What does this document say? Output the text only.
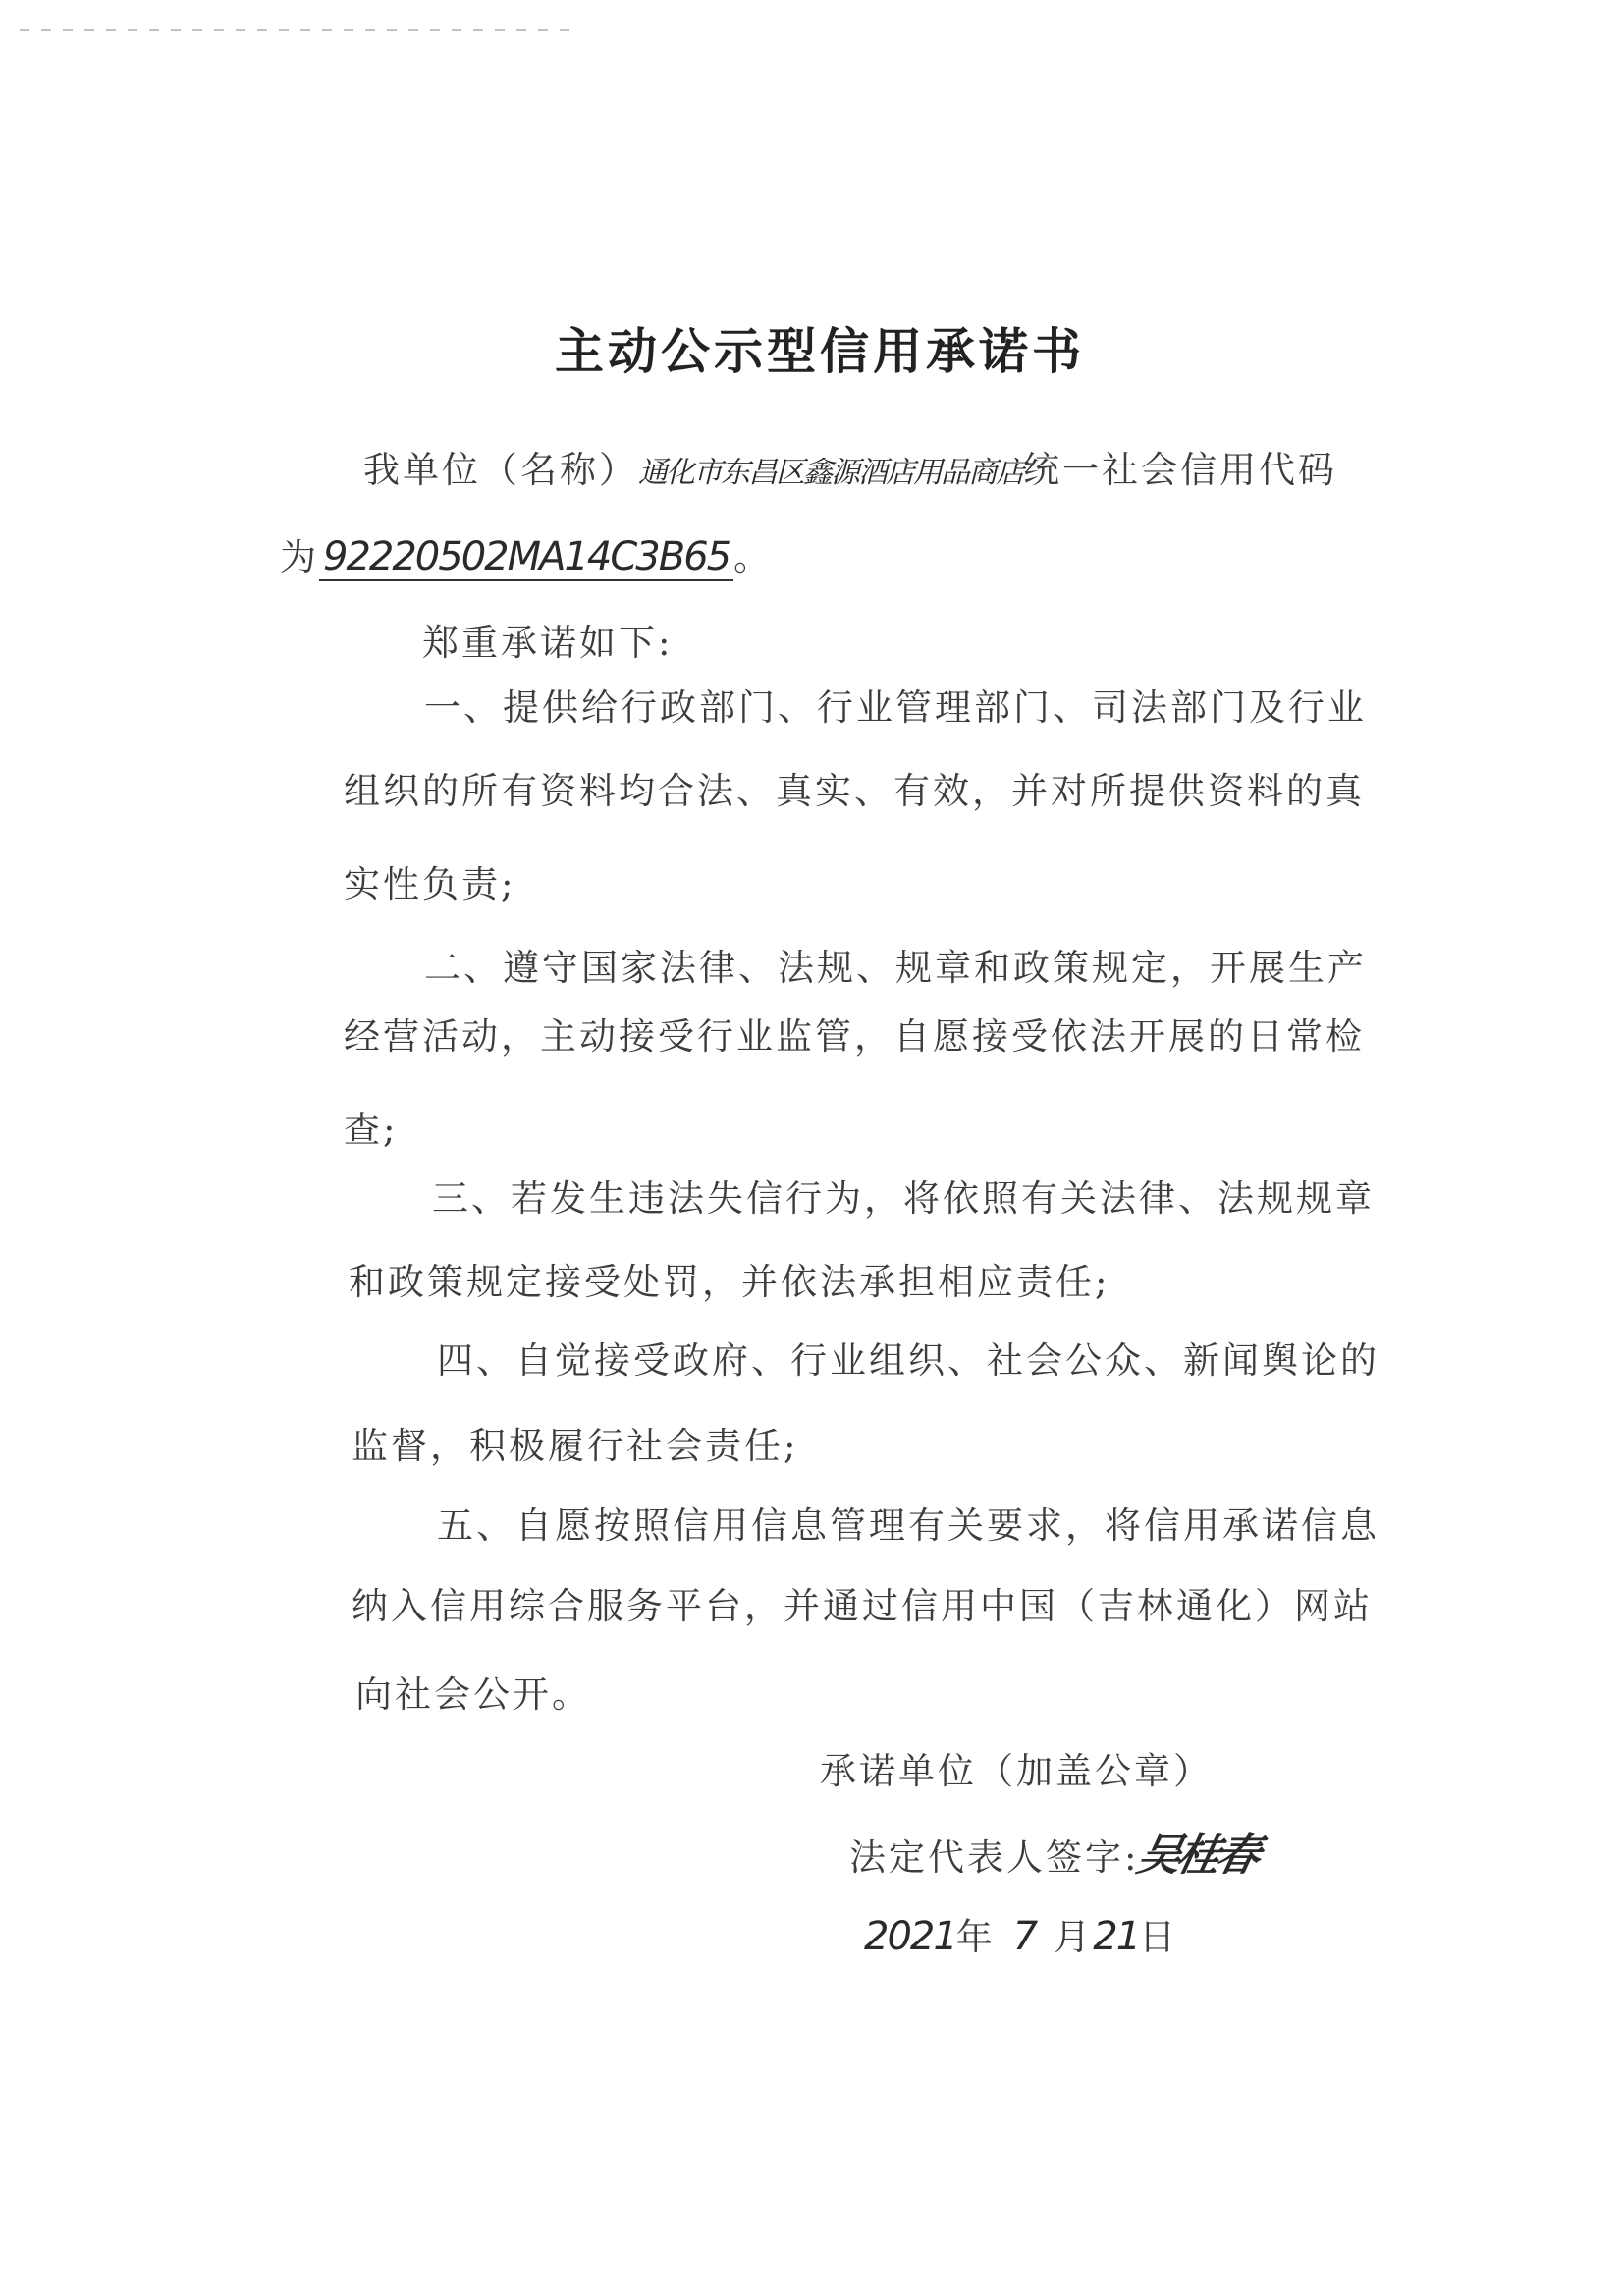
主动公示型信用承诺书
我单位（名称）通化市东昌区鑫源酒店用品商店统一社会信用代码
为 92220502MA14C3B65 。
郑重承诺如下:
一、提供给行政部门、行业管理部门、司法部门及行业
组织的所有资料均合法、真实、有效，并对所提供资料的真
实性负责;
二、遵守国家法律、法规、规章和政策规定，开展生产
经营活动，主动接受行业监管，自愿接受依法开展的日常检
查;
三、若发生违法失信行为，将依照有关法律、法规规章
和政策规定接受处罚，并依法承担相应责任;
四、自觉接受政府、行业组织、社会公众、新闻舆论的
监督，积极履行社会责任;
五、自愿按照信用信息管理有关要求，将信用承诺信息
纳入信用综合服务平台，并通过信用中国（吉林通化）网站
向社会公开。
承诺单位（加盖公章）
法定代表人签字:吴桂春
2021年 7 月21日
